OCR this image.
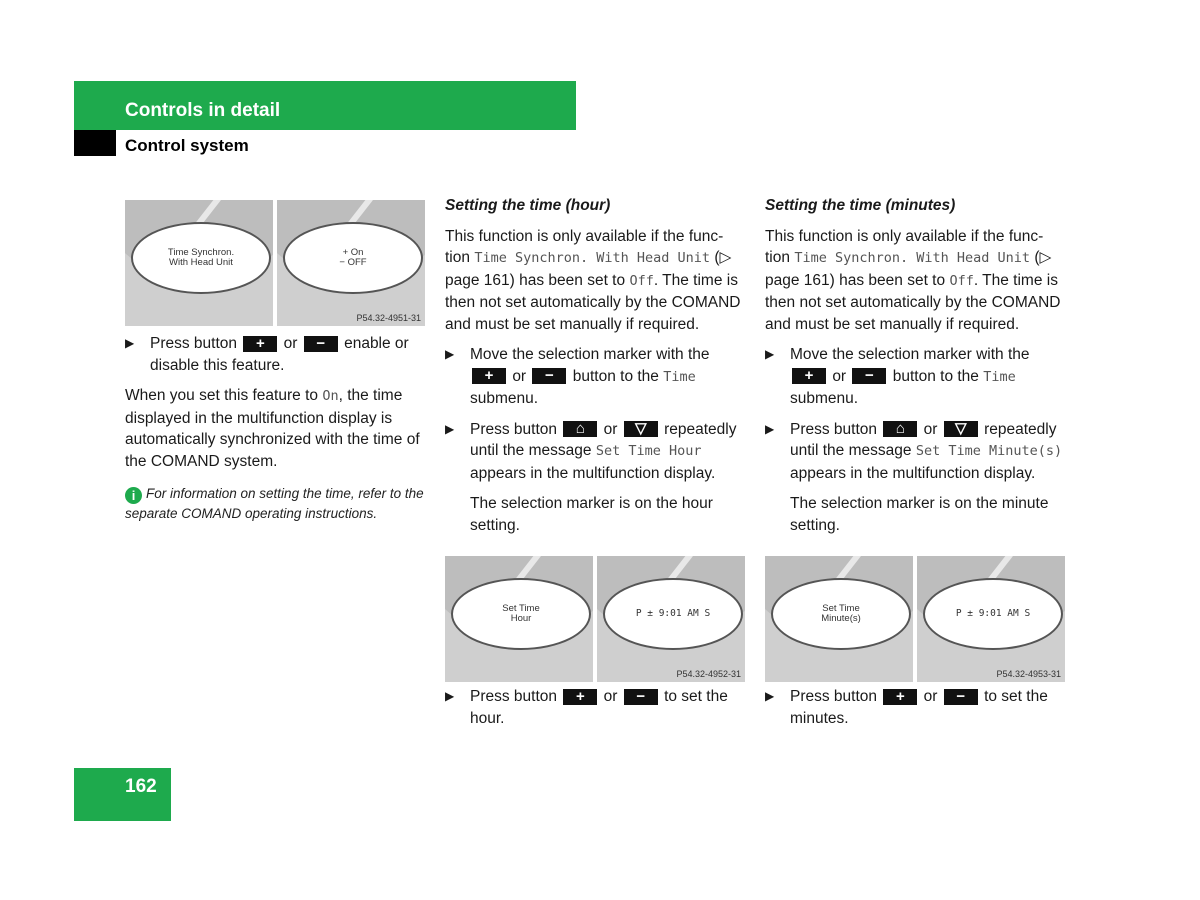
Controls in detail
Control system
Time Synchron.
With Head Unit
+ On
− OFF
P54.32-4951-31
▶ Press button + or − enable or disable this feature.

When you set this feature to On, the time displayed in the multifunction display is automatically synchronized with the time of the COMAND system.

i For information on setting the time, refer to the separate COMAND operating instructions.

Setting the time (hour)

This function is only available if the func-tion Time Synchron. With Head Unit (▷ page 161) has been set to Off. The time is then not set automatically by the COMAND and must be set manually if required.

▶ Move the selection marker with the + or − button to the Time submenu.
▶ Press button ⌂ or ▽ repeatedly until the message Set Time Hour appears in the multifunction display.

The selection marker is on the hour setting.

Set Time
Hour	P ± 9:01 AM S
P54.32-4952-31
▶ Press button + or − to set the hour.
Setting the time (minutes)

This function is only available if the func-tion Time Synchron. With Head Unit (▷ page 161) has been set to Off. The time is then not set automatically by the COMAND and must be set manually if required.

▶ Move the selection marker with the + or − button to the Time submenu.
▶ Press button ⌂ or ▽ repeatedly until the message Set Time Minute(s) appears in the multifunction display.

The selection marker is on the minute setting.

Set Time
Minute(s)	P ± 9:01 AM S
P54.32-4953-31
▶ Press button + or − to set the minutes.
162
